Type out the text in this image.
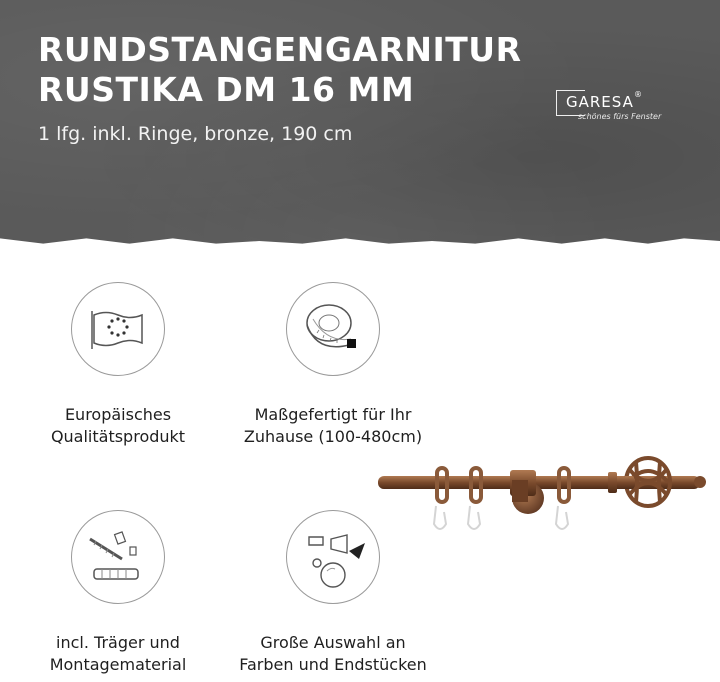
RUNDSTANGENGARNITUR
RUSTIKA DM 16 MM
1 lfg. inkl. Ringe, bronze, 190 cm
GARESA ®
schönes fürs Fenster
Europäisches
Qualitätsprodukt
Maßgefertigt für Ihr
Zuhause (100-480cm)
incl. Träger und
Montagematerial
Große Auswahl an
Farben und Endstücken
